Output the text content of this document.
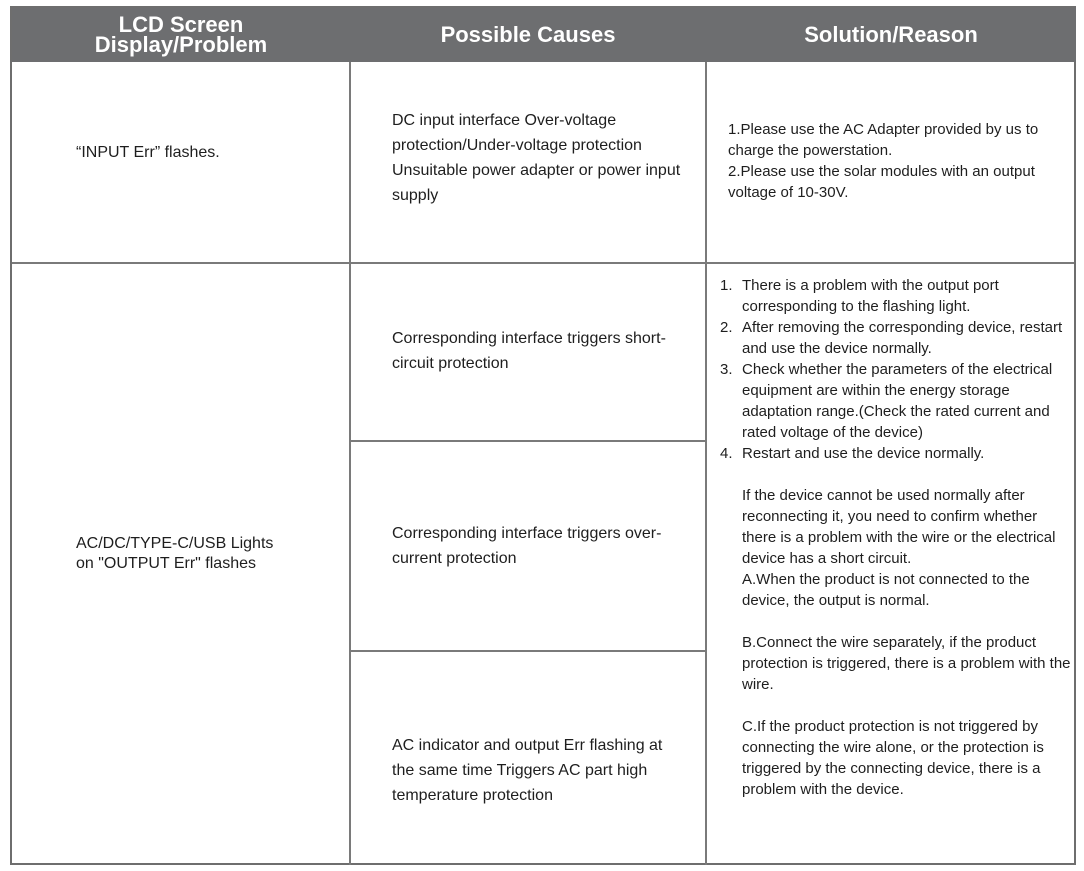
LCD Screen
Display/Problem	Possible Causes	Solution/Reason
“INPUT Err” flashes.
DC input interface Over-voltage protection/Under-voltage protection Unsuitable power adapter or power input supply
1.Please use the AC Adapter provided by us to charge the powerstation.
2.Please use the solar modules with an output voltage of 10-30V.
AC/DC/TYPE-C/USB Lights
on "OUTPUT Err" flashes
Corresponding interface triggers short-circuit protection
Corresponding interface triggers over-current protection
AC indicator and output Err flashing at the same time Triggers AC part high temperature protection
1. There is a problem with the output port corresponding to the flashing light.
2. After removing the corresponding device, restart and use the device normally.
3. Check whether the parameters of the electrical equipment are within the energy storage adaptation range.(Check the rated current and rated voltage of the device)
4. Restart and use the device normally.
If the device cannot be used normally after reconnecting it, you need to confirm whether there is a problem with the wire or the electrical device has a short circuit.
A.When the product is not connected to the device, the output is normal.
B.Connect the wire separately, if the product protection is triggered, there is a problem with the wire.
C.If the product protection is not triggered by connecting the wire alone, or the protection is triggered by the connecting device, there is a problem with the device.
